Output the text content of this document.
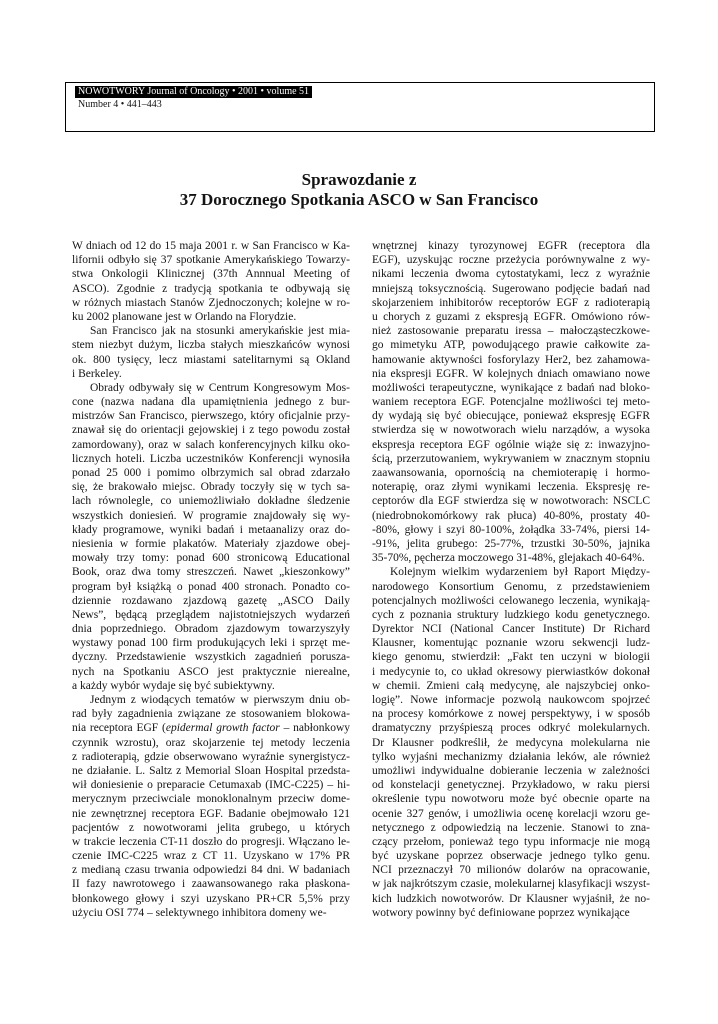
NOWOTWORY Journal of Oncology • 2001 • volume 51
Number 4 • 441–443
Sprawozdanie z
37 Dorocznego Spotkania ASCO w San Francisco
W dniach od 12 do 15 maja 2001 r. w San Francisco w Ka-
lifornii odbyło się 37 spotkanie Amerykańskiego Towarzy-
stwa Onkologii Klinicznej (37th Annnual Meeting of
ASCO). Zgodnie z tradycją spotkania te odbywają się
w różnych miastach Stanów Zjednoczonych; kolejne w ro-
ku 2002 planowane jest w Orlando na Florydzie.
San Francisco jak na stosunki amerykańskie jest mia-
stem niezbyt dużym, liczba stałych mieszkańców wynosi
ok. 800 tysięcy, lecz miastami satelitarnymi są Okland
i Berkeley.
Obrady odbywały się w Centrum Kongresowym Mos-
cone (nazwa nadana dla upamiętnienia jednego z bur-
mistrzów San Francisco, pierwszego, który oficjalnie przy-
znawał się do orientacji gejowskiej i z tego powodu został
zamordowany), oraz w salach konferencyjnych kilku oko-
licznych hoteli. Liczba uczestników Konferencji wynosiła
ponad 25 000 i pomimo olbrzymich sal obrad zdarzało
się, że brakowało miejsc. Obrady toczyły się w tych sa-
lach równolegle, co uniemożliwiało dokładne śledzenie
wszystkich doniesień. W programie znajdowały się wy-
kłady programowe, wyniki badań i metaanalizy oraz do-
niesienia w formie plakatów. Materiały zjazdowe obej-
mowały trzy tomy: ponad 600 stronicową Educational
Book, oraz dwa tomy streszczeń. Nawet „kieszonkowy”
program był książką o ponad 400 stronach. Ponadto co-
dziennie rozdawano zjazdową gazetę „ASCO Daily
News”, będącą przeglądem najistotniejszych wydarzeń
dnia poprzedniego. Obradom zjazdowym towarzyszyły
wystawy ponad 100 firm produkujących leki i sprzęt me-
dyczny. Przedstawienie wszystkich zagadnień porusza-
nych na Spotkaniu ASCO jest praktycznie nierealne,
a każdy wybór wydaje się być subiektywny.
Jednym z wiodących tematów w pierwszym dniu ob-
rad były zagadnienia związane ze stosowaniem blokowa-
nia receptora EGF (epidermal growth factor – nabłonkowy
czynnik wzrostu), oraz skojarzenie tej metody leczenia
z radioterapią, gdzie obserwowano wyraźnie synergistycz-
ne działanie. L. Saltz z Memorial Sloan Hospital przedsta-
wił doniesienie o preparacie Cetumaxab (IMC-C225) – hi-
merycznym przeciwciale monoklonalnym przeciw dome-
nie zewnętrznej receptora EGF. Badanie obejmowało 121
pacjentów z nowotworami jelita grubego, u których
w trakcie leczenia CT-11 doszło do progresji. Włączano le-
czenie IMC-C225 wraz z CT 11. Uzyskano w 17% PR
z medianą czasu trwania odpowiedzi 84 dni. W badaniach
II fazy nawrotowego i zaawansowanego raka płaskona-
błonkowego głowy i szyi uzyskano PR+CR 5,5% przy
użyciu OSI 774 – selektywnego inhibitora domeny we-
wnętrznej kinazy tyrozynowej EGFR (receptora dla
EGF), uzyskując roczne przeżycia porównywalne z wy-
nikami leczenia dwoma cytostatykami, lecz z wyraźnie
mniejszą toksycznością. Sugerowano podjęcie badań nad
skojarzeniem inhibitorów receptorów EGF z radioterapią
u chorych z guzami z ekspresją EGFR. Omówiono rów-
nież zastosowanie preparatu iressa – małocząsteczkowe-
go mimetyku ATP, powodującego prawie całkowite za-
hamowanie aktywności fosforylazy Her2, bez zahamowa-
nia ekspresji EGFR. W kolejnych dniach omawiano nowe
możliwości terapeutyczne, wynikające z badań nad bloko-
waniem receptora EGF. Potencjalne możliwości tej meto-
dy wydają się być obiecujące, ponieważ ekspresję EGFR
stwierdza się w nowotworach wielu narządów, a wysoka
ekspresja receptora EGF ogólnie wiąże się z: inwazyjno-
ścią, przerzutowaniem, wykrywaniem w znacznym stopniu
zaawansowania, opornością na chemioterapię i hormo-
noterapię, oraz złymi wynikami leczenia. Ekspresję re-
ceptorów dla EGF stwierdza się w nowotworach: NSCLC
(niedrobnokomórkowy rak płuca) 40-80%, prostaty 40-
-80%, głowy i szyi 80-100%, żołądka 33-74%, piersi 14-
-91%, jelita grubego: 25-77%, trzustki 30-50%, jajnika
35-70%, pęcherza moczowego 31-48%, glejakach 40-64%.
Kolejnym wielkim wydarzeniem był Raport Między-
narodowego Konsortium Genomu, z przedstawieniem
potencjalnych możliwości celowanego leczenia, wynikają-
cych z poznania struktury ludzkiego kodu genetycznego.
Dyrektor NCI (National Cancer Institute) Dr Richard
Klausner, komentując poznanie wzoru sekwencji ludz-
kiego genomu, stwierdził: „Fakt ten uczyni w biologii
i medycynie to, co układ okresowy pierwiastków dokonał
w chemii. Zmieni całą medycynę, ale najszybciej onko-
logię”. Nowe informacje pozwolą naukowcom spojrzeć
na procesy komórkowe z nowej perspektywy, i w sposób
dramatyczny przyśpieszą proces odkryć molekularnych.
Dr Klausner podkreślił, że medycyna molekularna nie
tylko wyjaśni mechanizmy działania leków, ale również
umożliwi indywidualne dobieranie leczenia w zależności
od konstelacji genetycznej. Przykładowo, w raku piersi
określenie typu nowotworu może być obecnie oparte na
ocenie 327 genów, i umożliwia ocenę korelacji wzoru ge-
netycznego z odpowiedzią na leczenie. Stanowi to zna-
czący przełom, ponieważ tego typu informacje nie mogą
być uzyskane poprzez obserwacje jednego tylko genu.
NCI przeznaczył 70 milionów dolarów na opracowanie,
w jak najkrótszym czasie, molekularnej klasyfikacji wszyst-
kich ludzkich nowotworów. Dr Klausner wyjaśnił, że no-
wotwory powinny być definiowane poprzez wynikające
